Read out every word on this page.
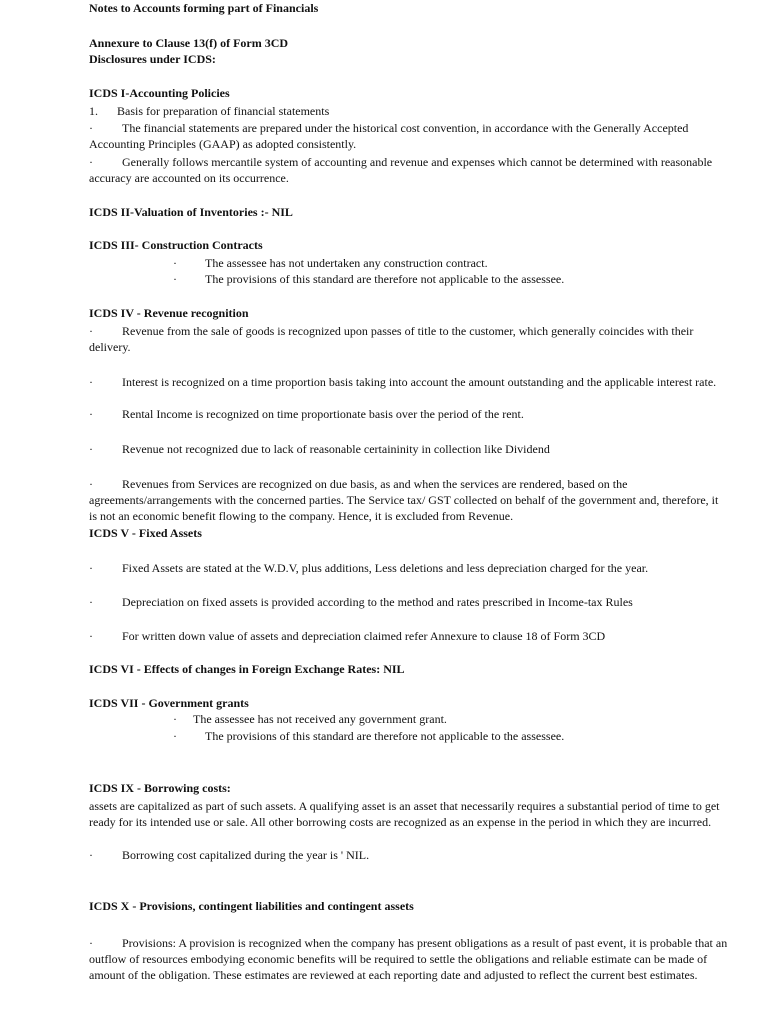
Notes to Accounts forming part of Financials
Annexure to Clause 13(f) of Form 3CD
Disclosures under ICDS:
ICDS I-Accounting Policies
1. Basis for preparation of financial statements
·	The financial statements are prepared under the historical cost convention, in accordance with the Generally Accepted Accounting Principles (GAAP) as adopted consistently.
·	Generally follows mercantile system of accounting and revenue and expenses which cannot be determined with reasonable accuracy are accounted on its occurrence.
ICDS II-Valuation of Inventories :- NIL
ICDS III- Construction Contracts
· The assessee has not undertaken any construction contract.
· The provisions of this standard are therefore not applicable to the assessee.
ICDS IV - Revenue recognition
·	Revenue from the sale of goods is recognized upon passes of title to the customer, which generally coincides with their delivery.
·	Interest is recognized on a time proportion basis taking into account the amount outstanding and the applicable interest rate.
· Rental Income is recognized on time proportionate basis over the period of the rent.
· Revenue not recognized due to lack of reasonable certaininity in collection like Dividend
·	Revenues from Services are recognized on due basis, as and when the services are rendered, based on the agreements/arrangements with the concerned parties. The Service tax/ GST collected on behalf of the government and, therefore, it is not an economic benefit flowing to the company. Hence, it is excluded from Revenue.
ICDS V - Fixed Assets
· Fixed Assets are stated at the W.D.V, plus additions, Less deletions and less depreciation charged for the year.
· Depreciation on fixed assets is provided according to the method and rates prescribed in Income-tax Rules
· For written down value of assets and depreciation claimed refer Annexure to clause 18 of Form 3CD
ICDS VI - Effects of changes in Foreign Exchange Rates: NIL
ICDS VII - Government grants
· The assessee has not received any government grant.
· The provisions of this standard are therefore not applicable to the assessee.
ICDS IX - Borrowing costs:
assets are capitalized as part of such assets. A qualifying asset is an asset that necessarily requires a substantial period of time to get ready for its intended use or sale. All other borrowing costs are recognized as an expense in the period in which they are incurred.
· Borrowing cost capitalized during the year is ' NIL.
ICDS X - Provisions, contingent liabilities and contingent assets
·	Provisions: A provision is recognized when the company has present obligations as a result of past event, it is probable that an outflow of resources embodying economic benefits will be required to settle the obligations and reliable estimate can be made of amount of the obligation. These estimates are reviewed at each reporting date and adjusted to reflect the current best estimates.
